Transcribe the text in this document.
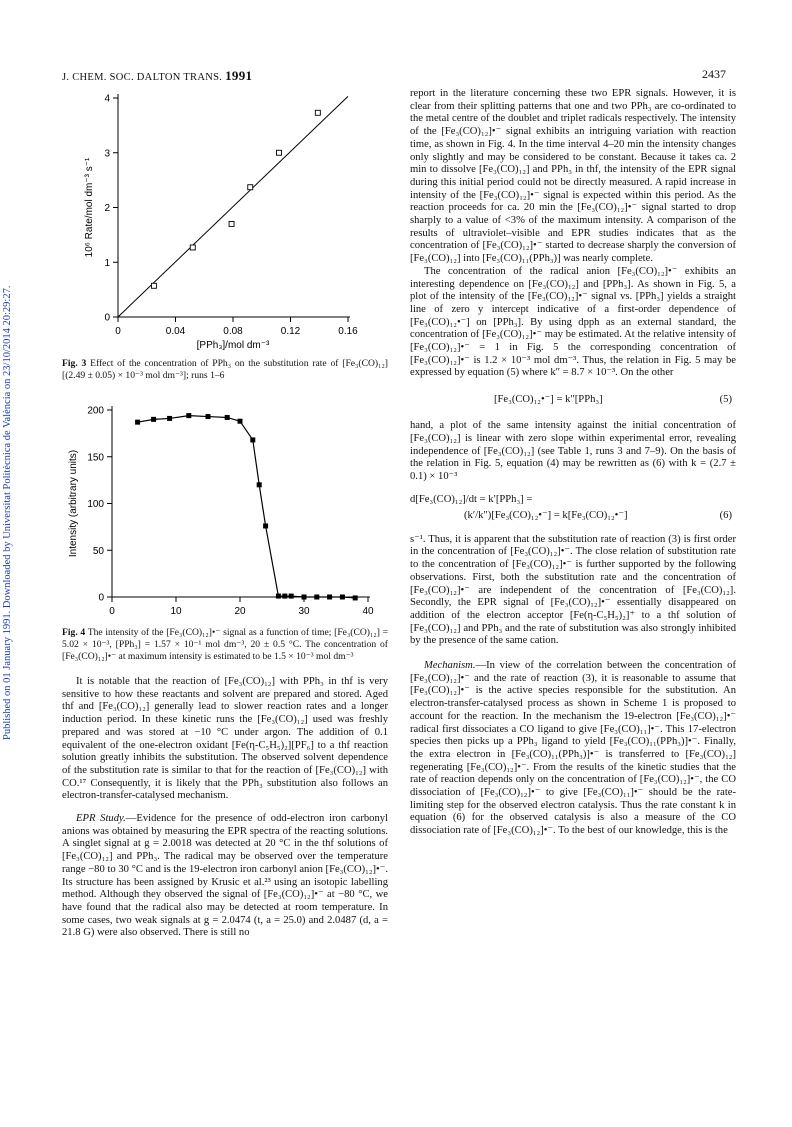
J. CHEM. SOC. DALTON TRANS. 1991	2437
Published on 01 January 1991. Downloaded by Universitat Politècnica de València on 23/10/2014 20:29:27.	0
1
2
3
4
0	0.04	0.08	0.12	0.16
[PPh₃]/mol dm⁻³
10⁶ Rate/mol dm⁻³ s⁻¹
Fig. 3 Effect of the concentration of PPh₃ on the substitution rate of [Fe₃(CO)₁₂] [(2.49 ± 0.05) × 10⁻³ mol dm⁻³]; runs 1–6
0
50
100
150
200
0	10	20	30	40
Intensity (arbitrary units)
Fig. 4 The intensity of the [Fe₃(CO)₁₂]•⁻ signal as a function of time; [Fe₃(CO)₁₂] = 5.02 × 10⁻³, [PPh₃] = 1.57 × 10⁻¹ mol dm⁻³, 20 ± 0.5 °C. The concentration of [Fe₃(CO)₁₂]•⁻ at maximum intensity is estimated to be 1.5 × 10⁻³ mol dm⁻³

It is notable that the reaction of [Fe₃(CO)₁₂] with PPh₃ in thf is very sensitive to how these reactants and solvent are prepared and stored. Aged thf and [Fe₃(CO)₁₂] generally lead to slower reaction rates and a longer induction period. In these kinetic runs the [Fe₃(CO)₁₂] used was freshly prepared and was stored at −10 °C under argon. The addition of 0.1 equivalent of the one-electron oxidant [Fe(η-C₅H₅)₂][PF₆] to a thf reaction solution greatly inhibits the substitution. The observed solvent dependence of the substitution rate is similar to that for the reaction of [Fe₃(CO)₁₂] with CO.¹⁷ Consequently, it is likely that the PPh₃ substitution also follows an electron-transfer-catalysed mechanism.

EPR Study.—Evidence for the presence of odd-electron iron carbonyl anions was obtained by measuring the EPR spectra of the reacting solutions. A singlet signal at g = 2.0018 was detected at 20 °C in the thf solutions of [Fe₃(CO)₁₂] and PPh₃. The radical may be observed over the temperature range −80 to 30 °C and is the 19-electron iron carbonyl anion [Fe₃(CO)₁₂]•⁻. Its structure has been assigned by Krusic et al.²³ using an isotopic labelling method. Although they observed the signal of [Fe₃(CO)₁₂]•⁻ at −80 °C, we have found that the radical also may be detected at room temperature. In some cases, two weak signals at g = 2.0474 (t, a = 25.0) and 2.0487 (d, a = 21.8 G) were also observed. There is still no

report in the literature concerning these two EPR signals. However, it is clear from their splitting patterns that one and two PPh₃ are co-ordinated to the metal centre of the doublet and triplet radicals respectively. The intensity of the [Fe₃(CO)₁₂]•⁻ signal exhibits an intriguing variation with reaction time, as shown in Fig. 4. In the time interval 4–20 min the intensity changes only slightly and may be considered to be constant. Because it takes ca. 2 min to dissolve [Fe₃(CO)₁₂] and PPh₃ in thf, the intensity of the EPR signal during this initial period could not be directly measured. A rapid increase in intensity of the [Fe₃(CO)₁₂]•⁻ signal is expected within this period. As the reaction proceeds for ca. 20 min the [Fe₃(CO)₁₂]•⁻ signal started to drop sharply to a value of <3% of the maximum intensity. A comparison of the results of ultraviolet–visible and EPR studies indicates that as the concentration of [Fe₃(CO)₁₂]•⁻ started to decrease sharply the conversion of [Fe₃(CO)₁₂] into [Fe₃(CO)₁₁(PPh₃)] was nearly complete.

The concentration of the radical anion [Fe₃(CO)₁₂]•⁻ exhibits an interesting dependence on [Fe₃(CO)₁₂] and [PPh₃]. As shown in Fig. 5, a plot of the intensity of the [Fe₃(CO)₁₂]•⁻ signal vs. [PPh₃] yields a straight line of zero y intercept indicative of a first-order dependence of [Fe₃(CO)₁₂•⁻] on [PPh₃]. By using dpph as an external standard, the concentration of [Fe₃(CO)₁₂]•⁻ may be estimated. At the relative intensity of [Fe₃(CO)₁₂]•⁻ = 1 in Fig. 5 the corresponding concentration of [Fe₃(CO)₁₂]•⁻ is 1.2 × 10⁻³ mol dm⁻³. Thus, the relation in Fig. 5 may be expressed by equation (5) where k″ = 8.7 × 10⁻³. On the other

[Fe₃(CO)₁₂•⁻] = k″[PPh₃]	(5)

hand, a plot of the same intensity against the initial concentration of [Fe₃(CO)₁₂] is linear with zero slope within experimental error, revealing independence of [Fe₃(CO)₁₂] (see Table 1, runs 3 and 7–9). On the basis of the relation in Fig. 5, equation (4) may be rewritten as (6) with k = (2.7 ± 0.1) × 10⁻³

d[Fe₃(CO)₁₂]/dt = k′[PPh₃] =
(k′/k″)[Fe₃(CO)₁₂•⁻] = k[Fe₃(CO)₁₂•⁻]	(6)

s⁻¹. Thus, it is apparent that the substitution rate of reaction (3) is first order in the concentration of [Fe₃(CO)₁₂]•⁻. The close relation of substitution rate to the concentration of [Fe₃(CO)₁₂]•⁻ is further supported by the following observations. First, both the substitution rate and the concentration of [Fe₃(CO)₁₂]•⁻ are independent of the concentration of [Fe₃(CO)₁₂]. Secondly, the EPR signal of [Fe₃(CO)₁₂]•⁻ essentially disappeared on addition of the electron acceptor [Fe(η-C₅H₅)₂]⁺ to a thf solution of [Fe₃(CO)₁₂] and PPh₃ and the rate of substitution was also strongly inhibited by the presence of the same cation.

Mechanism.—In view of the correlation between the concentration of [Fe₃(CO)₁₂]•⁻ and the rate of reaction (3), it is reasonable to assume that [Fe₃(CO)₁₂]•⁻ is the active species responsible for the substitution. An electron-transfer-catalysed process as shown in Scheme 1 is proposed to account for the reaction. In the mechanism the 19-electron [Fe₃(CO)₁₂]•⁻ radical first dissociates a CO ligand to give [Fe₃(CO)₁₁]•⁻. This 17-electron species then picks up a PPh₃ ligand to yield [Fe₃(CO)₁₁(PPh₃)]•⁻. Finally, the extra electron in [Fe₃(CO)₁₁(PPh₃)]•⁻ is transferred to [Fe₃(CO)₁₂] regenerating [Fe₃(CO)₁₂]•⁻. From the results of the kinetic studies that the rate of reaction depends only on the concentration of [Fe₃(CO)₁₂]•⁻, the CO dissociation of [Fe₃(CO)₁₂]•⁻ to give [Fe₃(CO)₁₁]•⁻ should be the rate-limiting step for the observed electron catalysis. Thus the rate constant k in equation (6) for the observed catalysis is also a measure of the CO dissociation rate of [Fe₃(CO)₁₂]•⁻. To the best of our knowledge, this is the
